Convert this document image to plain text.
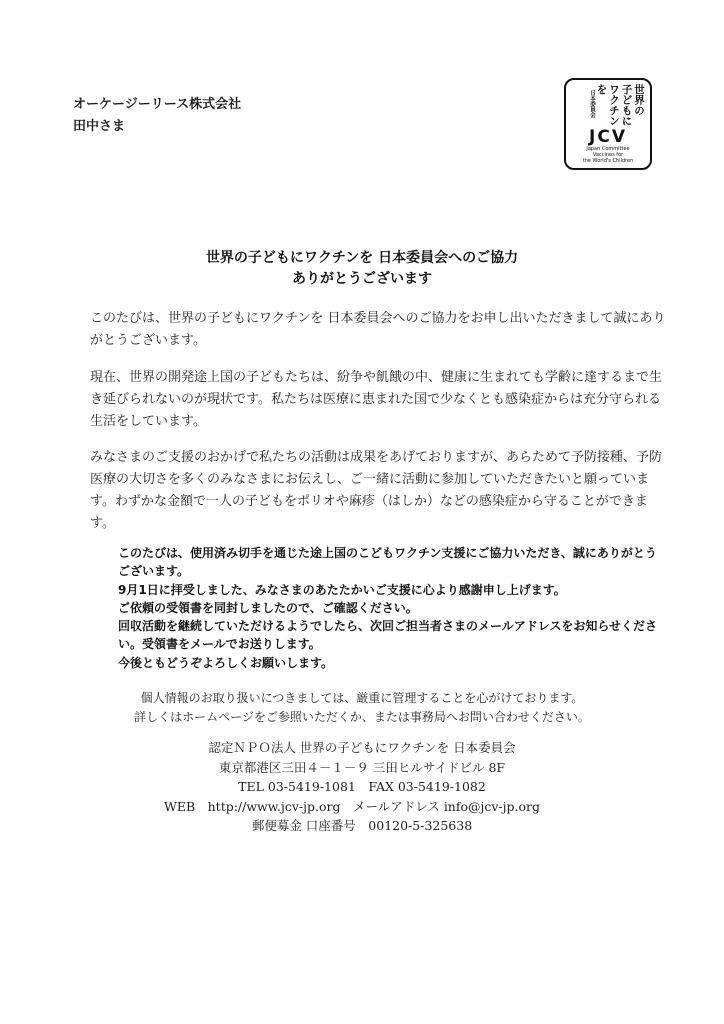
オーケージーリース株式会社
田中さま
世界の
子どもに
ワクチン
を
日本委員会
JCV
Japan Committee
Vaccines for
the World's Children
世界の子どもにワクチンを 日本委員会へのご協力
ありがとうございます
このたびは、世界の子どもにワクチンを 日本委員会へのご協力をお申し出いただきまして誠にありがとうございます。
現在、世界の開発途上国の子どもたちは、紛争や飢餓の中、健康に生まれても学齢に達するまで生き延びられないのが現状です。私たちは医療に恵まれた国で少なくとも感染症からは充分守られる生活をしています。
みなさまのご支援のおかげで私たちの活動は成果をあげておりますが、あらためて予防接種、予防医療の大切さを多くのみなさまにお伝えし、ご一緒に活動に参加していただきたいと願っています。わずかな金額で一人の子どもをポリオや麻疹（はしか）などの感染症から守ることができます。
このたびは、使用済み切手を通じた途上国のこどもワクチン支援にご協力いただき、誠にありがとうございます。
9月1日に拝受しました、みなさまのあたたかいご支援に心より感謝申し上げます。
ご依頼の受領書を同封しましたので、ご確認ください。
回収活動を継続していただけるようでしたら、次回ご担当者さまのメールアドレスをお知らせください。受領書をメールでお送りします。
今後ともどうぞよろしくお願いします。
個人情報のお取り扱いにつきましては、厳重に管理することを心がけております。
詳しくはホームページをご参照いただくか、または事務局へお問い合わせください。
認定ＮＰＯ法人 世界の子どもにワクチンを 日本委員会
東京都港区三田４－１－９ 三田ヒルサイドビル 8F
TEL 03-5419-1081　FAX 03-5419-1082
WEB　http://www.jcv-jp.org　メールアドレス info@jcv-jp.org
郵便募金 口座番号　00120-5-325638
